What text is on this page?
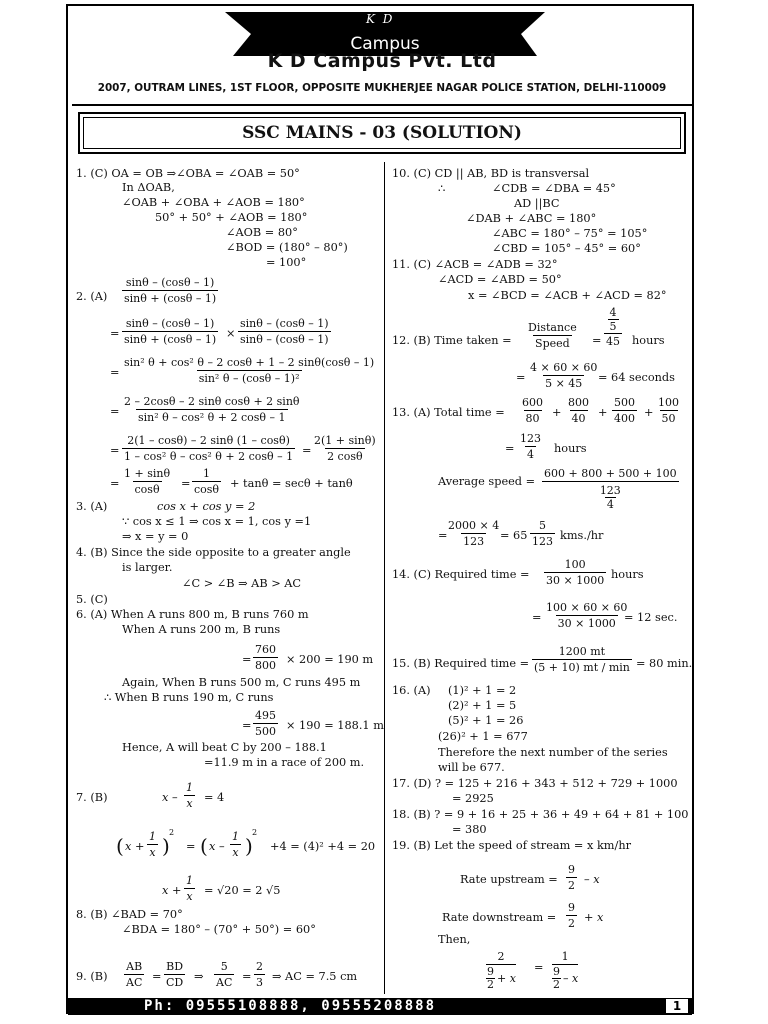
K D
Campus
K D Campus Pvt. Ltd
2007, OUTRAM LINES, 1ST FLOOR, OPPOSITE MUKHERJEE NAGAR POLICE STATION, DELHI-110009
SSC MAINS - 03 (SOLUTION)
1. (C) OA = OB ⇒∠OBA = ∠OAB = 50°
In ΔOAB,
∠OAB + ∠OBA + ∠AOB = 180°
50° + 50° + ∠AOB = 180°
∠AOB = 80°
∠BOD = (180° – 80°)
= 100°
2. (A)
sinθ – (cosθ – 1)
sinθ + (cosθ – 1)
=
sinθ – (cosθ – 1)
sinθ + (cosθ – 1) ×
sinθ – (cosθ – 1)
sinθ – (cosθ – 1)
=
sin² θ + cos² θ – 2 cosθ + 1 – 2 sinθ(cosθ – 1)
sin² θ – (cosθ – 1)²
=
2 – 2cosθ – 2 sinθ cosθ + 2 sinθ
sin² θ – cos² θ + 2 cosθ – 1
=
2(1 – cosθ) – 2 sinθ (1 – cosθ)
1 – cos² θ – cos² θ + 2 cosθ – 1 =
2(1 + sinθ)
2 cosθ
=
1 + sinθ
cosθ =
1
cosθ + tanθ = secθ + tanθ
3. (A)	cos x + cos y = 2
∵ cos x ≤ 1 ⇒ cos x = 1, cos y =1
⇒ x = y = 0
4. (B) Since the side opposite to a greater angle
is larger.
∠C > ∠B ⇒ AB > AC
5. (C)
6. (A) When A runs 800 m, B runs 760 m
When A runs 200 m, B runs
=
760
800 × 200 = 190 m
Again, When B runs 500 m, C runs 495 m
∴ When B runs 190 m, C runs
=
495
500 × 190 = 188.1 m
Hence, A will beat C by 200 – 188.1
=11.9 m in a race of 200 m.
7. (B)	x –
1
x = 4
( x +
1
x )
2
= ( x –
1
x )
2
+4 = (4)² +4 = 20
x +
1
x = √20 = 2 √5
8. (B) ∠BAD = 70°
∠BDA = 180° – (70° + 50°) = 60°
9. (B)
AB
AC =
BD
CD ⇒
5
AC =
2
3 ⇒ AC = 7.5 cm
10. (C) CD || AB, BD is transversal
∴	∠CDB = ∠DBA = 45°
AD ||BC
∠DAB + ∠ABC = 180°
∠ABC = 180° – 75° = 105°
∠CBD = 105° – 45° = 60°
11. (C) ∠ACB = ∠ADB = 32°
∠ACD = ∠ABD = 50°
x = ∠BCD = ∠ACB + ∠ACD = 82°
12. (B) Time taken =
Distance
Speed =
4
5
45 hours
=
4 × 60 × 60
5 × 45 = 64 seconds
13. (A) Total time =
600
80 +
800
40 +
500
400 +
100
50
=
123
4 hours
Average speed =
600 + 800 + 500 + 100
123
4
=
2000 × 4
123 = 65
5
123 kms./hr
14. (C) Required time =
100
30 × 1000 hours
=
100 × 60 × 60
30 × 1000 = 12 sec.
15. (B) Required time =
1200 mt
(5 + 10) mt / min = 80 min.
16. (A) (1)² + 1 = 2
(2)² + 1 = 5
(5)² + 1 = 26
(26)² + 1 = 677
Therefore the next number of the series
will be 677.
17. (D) ? = 125 + 216 + 343 + 512 + 729 + 1000
= 2925
18. (B) ? = 9 + 16 + 25 + 36 + 49 + 64 + 81 + 100
= 380
19. (B) Let the speed of stream = x km/hr
Rate upstream =
9
2 – x
Rate downstream =
9
2 + x
Then,
2
$\frac{9}{2} + x$
=
1
$\frac{9}{2}$ – x
Ph: 09555108888, 09555208888	1
